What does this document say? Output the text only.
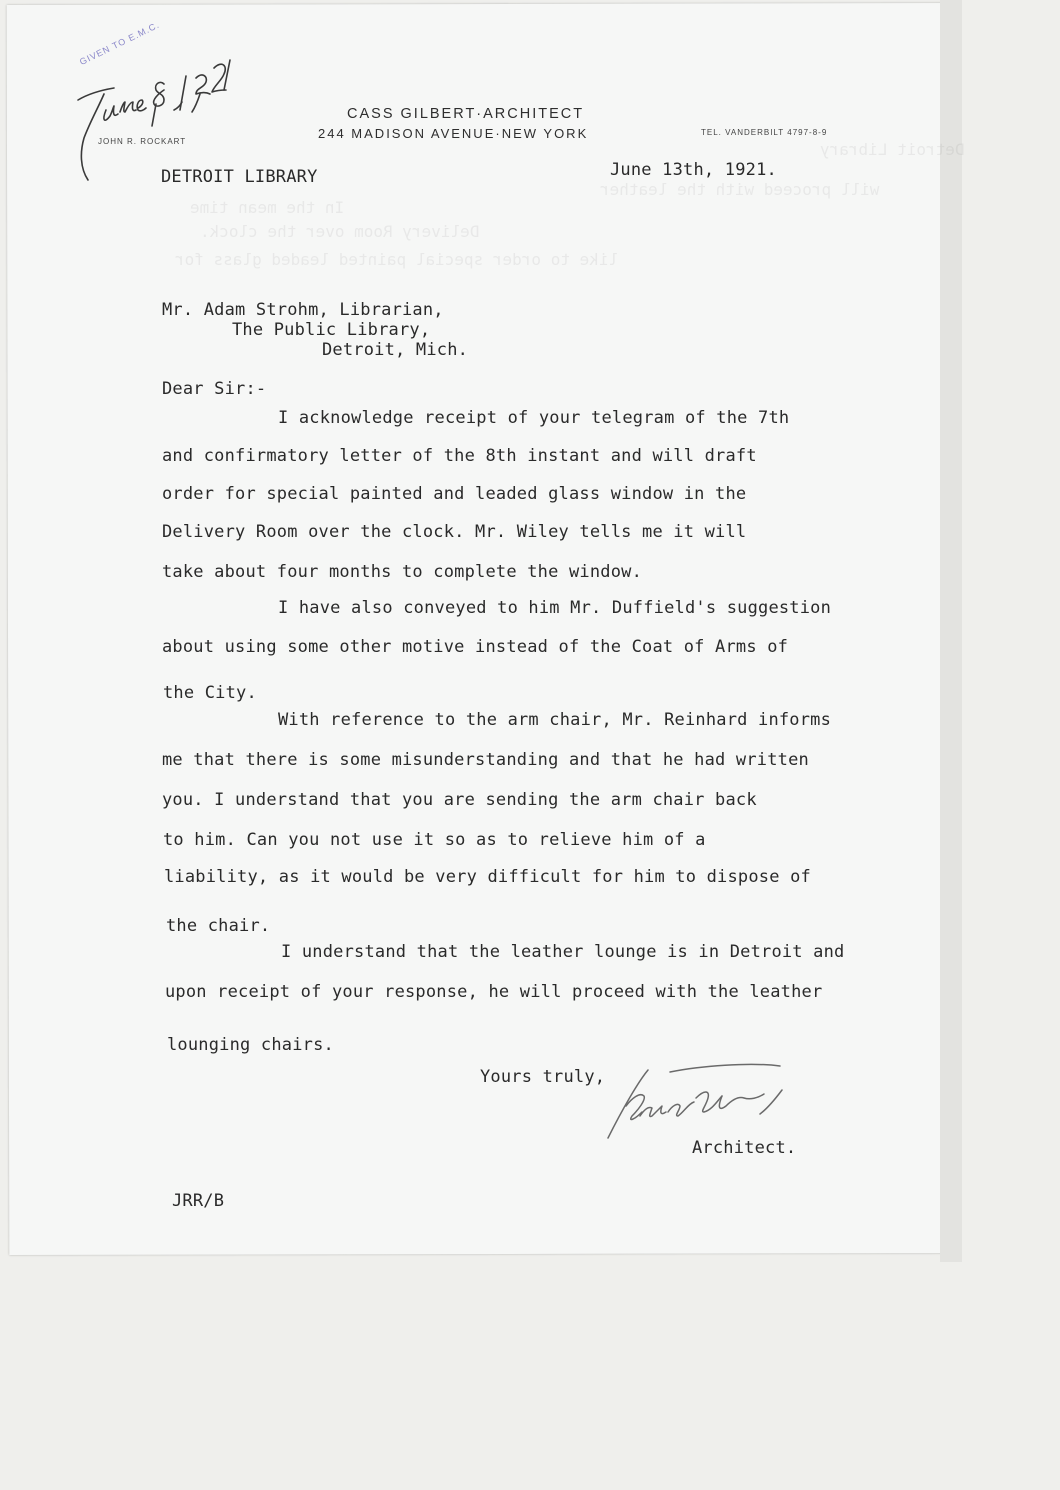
Detroit Library
will proceed with the leather
In the mean time
Delivery Room over the clock.
like to order special painted leaded glass for
CASS GILBERT·ARCHITECT
244 MADISON AVENUE·NEW YORK	TEL. VANDERBILT 4797-8-9
JOHN R. ROCKART
GIVEN TO E.M.C.
DETROIT LIBRARY	June 13th, 1921.
Mr. Adam Strohm, Librarian,
The Public Library,
Detroit, Mich.
Dear Sir:-
I acknowledge receipt of your telegram of the 7th
and confirmatory letter of the 8th instant and will draft
order for special painted and leaded glass window in the
Delivery Room over the clock. Mr. Wiley tells me it will
take about four months to complete the window.
I have also conveyed to him Mr. Duffield's suggestion
about using some other motive instead of the Coat of Arms of
the City.
With reference to the arm chair, Mr. Reinhard informs
me that there is some misunderstanding and that he had written
you. I understand that you are sending the arm chair back
to him. Can you not use it so as to relieve him of a
liability, as it would be very difficult for him to dispose of
the chair.
I understand that the leather lounge is in Detroit and
upon receipt of your response, he will proceed with the leather
lounging chairs.
Yours truly,
Architect.
JRR/B
